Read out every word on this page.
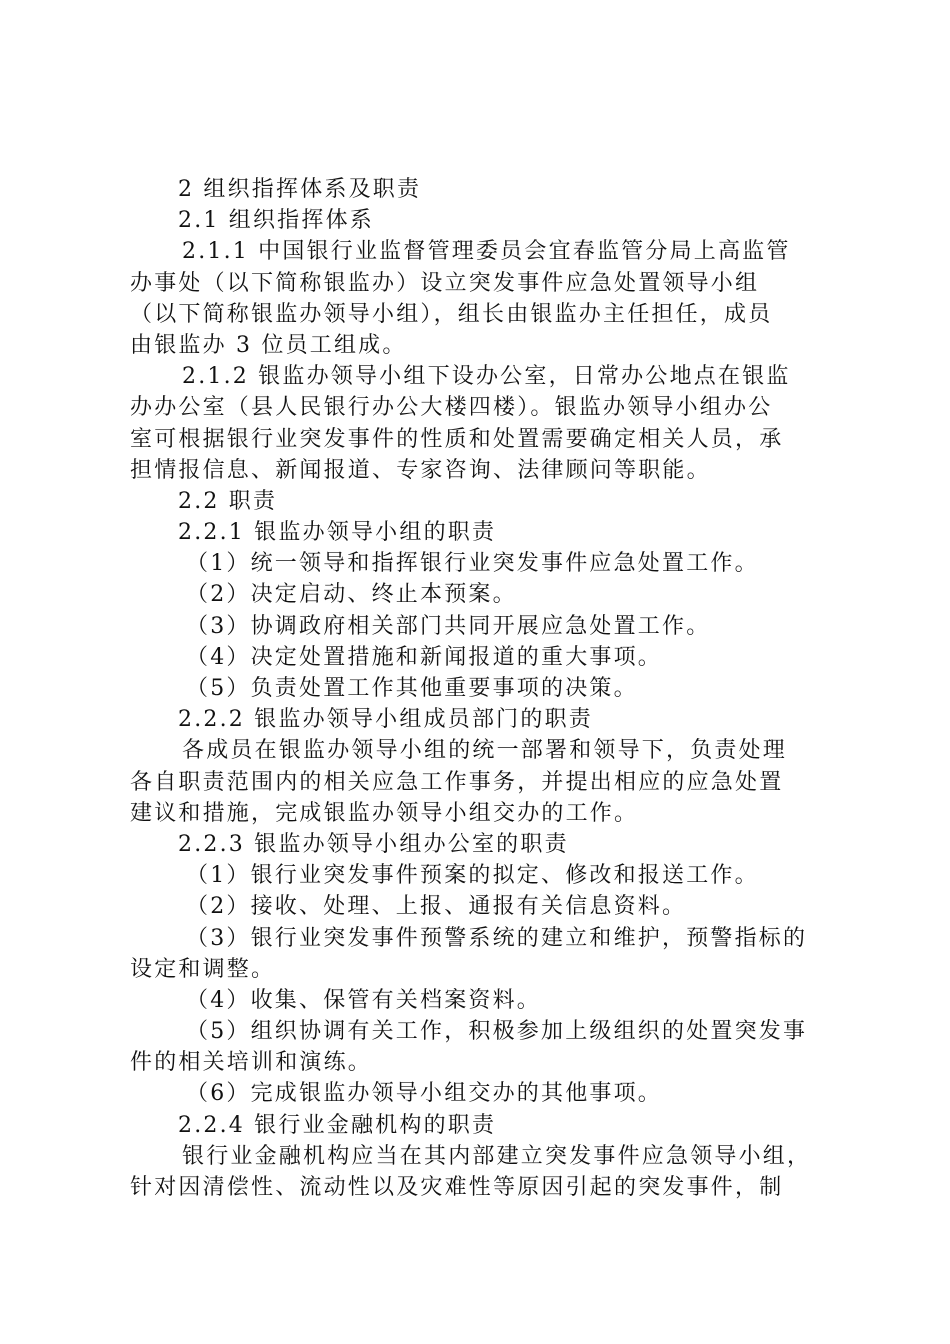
2 组织指挥体系及职责
2.1 组织指挥体系
2.1.1 中国银行业监督管理委员会宜春监管分局上高监管
办事处（以下简称银监办）设立突发事件应急处置领导小组
（以下简称银监办领导小组），组长由银监办主任担任，成员
由银监办 3 位员工组成。
2.1.2 银监办领导小组下设办公室，日常办公地点在银监
办办公室（县人民银行办公大楼四楼）。银监办领导小组办公
室可根据银行业突发事件的性质和处置需要确定相关人员，承
担情报信息、新闻报道、专家咨询、法律顾问等职能。
2.2 职责
2.2.1 银监办领导小组的职责
（1）统一领导和指挥银行业突发事件应急处置工作。
（2）决定启动、终止本预案。
（3）协调政府相关部门共同开展应急处置工作。
（4）决定处置措施和新闻报道的重大事项。
（5）负责处置工作其他重要事项的决策。
2.2.2 银监办领导小组成员部门的职责
各成员在银监办领导小组的统一部署和领导下，负责处理
各自职责范围内的相关应急工作事务，并提出相应的应急处置
建议和措施，完成银监办领导小组交办的工作。
2.2.3 银监办领导小组办公室的职责
（1）银行业突发事件预案的拟定、修改和报送工作。
（2）接收、处理、上报、通报有关信息资料。
（3）银行业突发事件预警系统的建立和维护，预警指标的
设定和调整。
（4）收集、保管有关档案资料。
（5）组织协调有关工作，积极参加上级组织的处置突发事
件的相关培训和演练。
（6）完成银监办领导小组交办的其他事项。
2.2.4 银行业金融机构的职责
银行业金融机构应当在其内部建立突发事件应急领导小组，
针对因清偿性、流动性以及灾难性等原因引起的突发事件，制
